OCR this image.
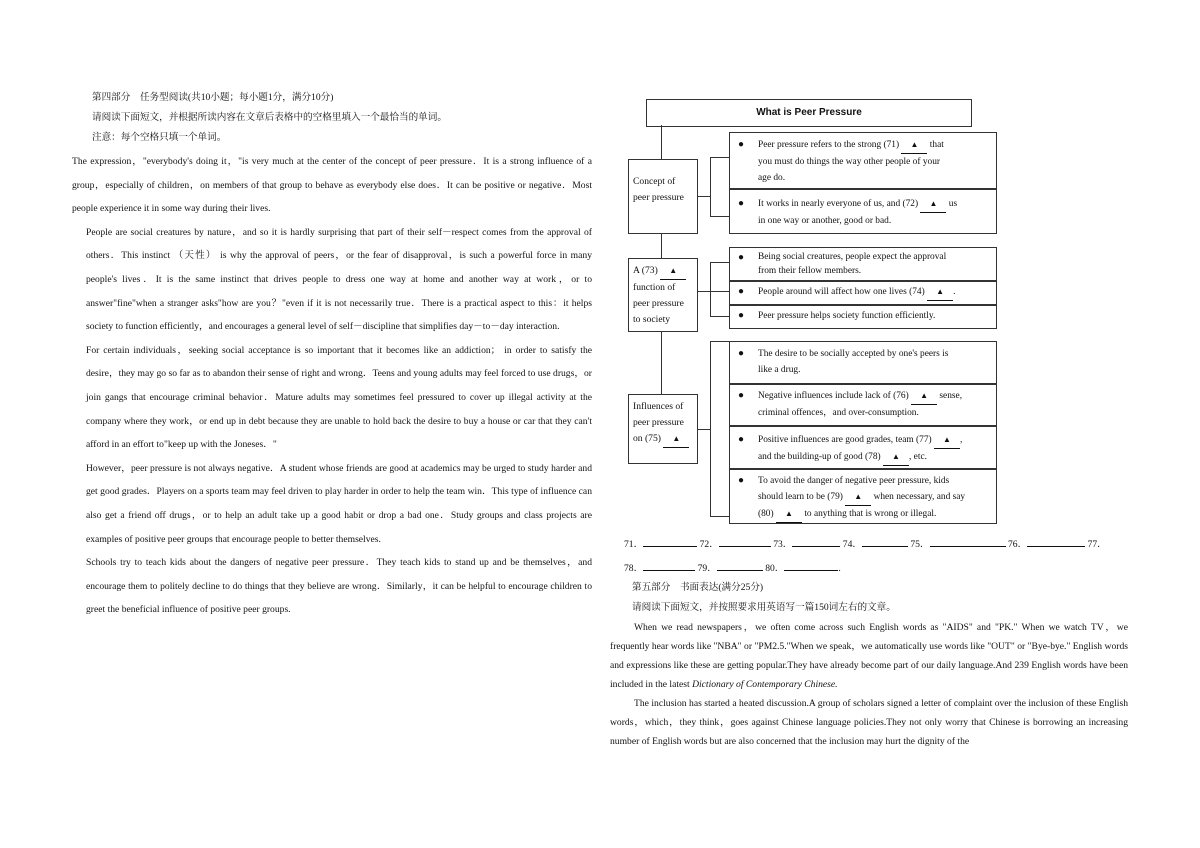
第四部分　任务型阅读(共10小题；每小题1分，满分10分)
请阅读下面短文，并根据所读内容在文章后表格中的空格里填入一个最恰当的单词。
注意：每个空格只填一个单词。

The expression，"everybody's doing it，"is very much at the center of the concept of peer pressure．It is a strong influence of a group，especially of children，on members of that group to behave as everybody else does．It can be positive or negative．Most people experience it in some way during their lives.

People are social creatures by nature，and so it is hardly surprising that part of their self－respect comes from the approval of others．This instinct （天性） is why the approval of peers，or the fear of disapproval，is such a powerful force in many people's lives．It is the same instinct that drives people to dress one way at home and another way at work，or to answer"fine"when a stranger asks"how are you？"even if it is not necessarily true．There is a practical aspect to this：it helps society to function efficiently，and encourages a general level of self－discipline that simplifies day－to－day interaction.

For certain individuals，seeking social acceptance is so important that it becomes like an addiction； in order to satisfy the desire，they may go so far as to abandon their sense of right and wrong．Teens and young adults may feel forced to use drugs，or join gangs that encourage criminal behavior．Mature adults may sometimes feel pressured to cover up illegal activity at the company where they work，or end up in debt because they are unable to hold back the desire to buy a house or car that they can't afford in an effort to"keep up with the Joneses．"

However，peer pressure is not always negative．A student whose friends are good at academics may be urged to study harder and get good grades．Players on a sports team may feel driven to play harder in order to help the team win．This type of influence can also get a friend off drugs，or to help an adult take up a good habit or drop a bad one．Study groups and class projects are examples of positive peer groups that encourage people to better themselves.

Schools try to teach kids about the dangers of negative peer pressure．They teach kids to stand up and be themselves，and encourage them to politely decline to do things that they believe are wrong．Similarly，it can be helpful to encourage children to greet the beneficial influence of positive peer groups.

What is Peer Pressure
Concept of
peer pressure
● Peer pressure refers to the strong (71) ▲ that
you must do things the way other people of your
age do.
● It works in nearly everyone of us, and (72) ▲ us
in one way or another, good or bad.
A (73) ▲
function of
peer pressure
to society
● Being social creatures, people expect the approval
from their fellow members.
● People around will affect how one lives (74) ▲ .
● Peer pressure helps society function efficiently.
Influences of
peer pressure
on (75) ▲
● The desire to be socially accepted by one's peers is
like a drug.
● Negative influences include lack of (76) ▲ sense,
criminal offences，and over-consumption.
● Positive influences are good grades, team (77) ▲ ,
and the building-up of good (78) ▲ , etc.
● To avoid the danger of negative peer pressure, kids
should learn to be (79) ▲ when necessary, and say
(80) ▲ to anything that is wrong or illegal.
71．	72．	73．	74．	75．	76．	77．
78．	79．	80．	.
第五部分　书面表达(满分25分)
请阅读下面短文，并按照要求用英语写一篇150词左右的文章。

When we read newspapers，we often come across such English words as "AIDS" and "PK." When we watch TV，we frequently hear words like "NBA" or "PM2.5."When we speak，we automatically use words like "OUT" or "Bye-bye." English words and expressions like these are getting popular.They have already become part of our daily language.And 239 English words have been included in the latest Dictionary of Contemporary Chinese.

The inclusion has started a heated discussion.A group of scholars signed a letter of complaint over the inclusion of these English words，which，they think，goes against Chinese language policies.They not only worry that Chinese is borrowing an increasing number of English words but are also concerned that the inclusion may hurt the dignity of the
